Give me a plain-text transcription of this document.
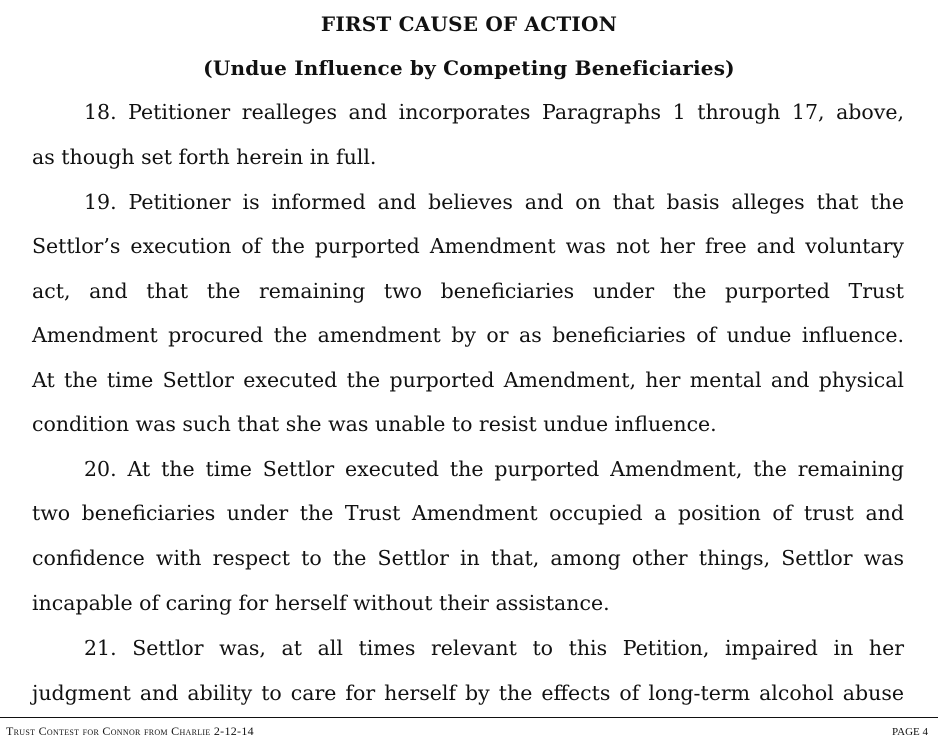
FIRST CAUSE OF ACTION
(Undue Influence by Competing Beneficiaries)
18. Petitioner realleges and incorporates Paragraphs 1 through 17, above,
as though set forth herein in full.
19. Petitioner is informed and believes and on that basis alleges that the
Settlor’s execution of the purported Amendment was not her free and voluntary
act, and that the remaining two beneficiaries under the purported Trust
Amendment procured the amendment by or as beneficiaries of undue influence.
At the time Settlor executed the purported Amendment, her mental and physical
condition was such that she was unable to resist undue influence.
20. At the time Settlor executed the purported Amendment, the remaining
two beneficiaries under the Trust Amendment occupied a position of trust and
confidence with respect to the Settlor in that, among other things, Settlor was
incapable of caring for herself without their assistance.
21. Settlor was, at all times relevant to this Petition, impaired in her
judgment and ability to care for herself by the effects of long-term alcohol abuse
Trust Contest for Connor from Charlie 2-12-14	PAGE 4
